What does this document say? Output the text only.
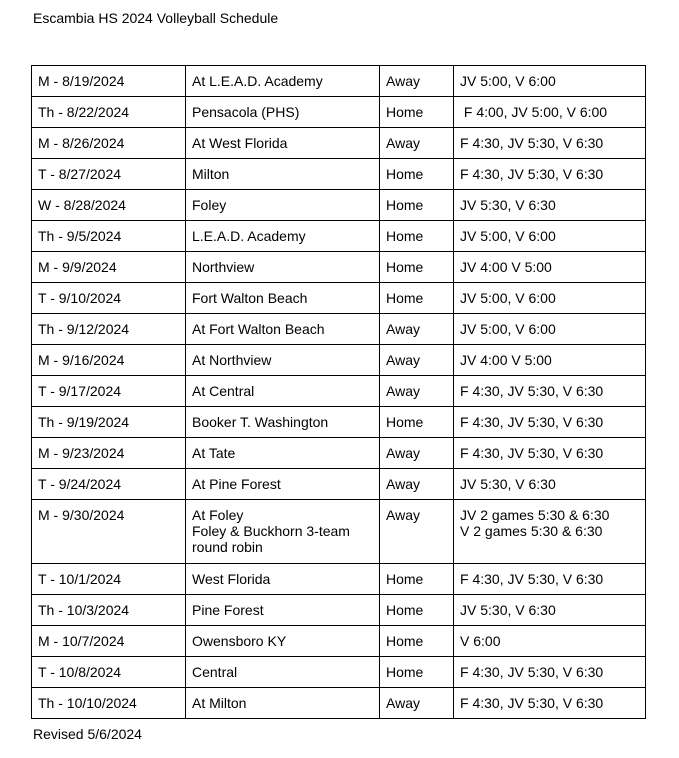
Escambia HS 2024 Volleyball Schedule
M - 8/19/2024	At L.E.A.D. Academy	Away	JV 5:00, V 6:00

Th - 8/22/2024	Pensacola (PHS)	Home	F 4:00, JV 5:00, V 6:00

M - 8/26/2024	At West Florida	Away	F 4:30, JV 5:30, V 6:30

T - 8/27/2024	Milton	Home	F 4:30, JV 5:30, V 6:30

W - 8/28/2024	Foley	Home	JV 5:30, V 6:30

Th - 9/5/2024	L.E.A.D. Academy	Home	JV 5:00, V 6:00

M - 9/9/2024	Northview	Home	JV 4:00 V 5:00

T - 9/10/2024	Fort Walton Beach	Home	JV 5:00, V 6:00

Th - 9/12/2024	At Fort Walton Beach	Away	JV 5:00, V 6:00

M - 9/16/2024	At Northview	Away	JV 4:00 V 5:00

T - 9/17/2024	At Central	Away	F 4:30, JV 5:30, V 6:30

Th - 9/19/2024	Booker T. Washington	Home	F 4:30, JV 5:30, V 6:30

M - 9/23/2024	At Tate	Away	F 4:30, JV 5:30, V 6:30

T - 9/24/2024	At Pine Forest	Away	JV 5:30, V 6:30

M - 9/30/2024	At Foley
Foley & Buckhorn 3-team
round robin	Away	JV 2 games 5:30 & 6:30
V 2 games 5:30 & 6:30

T - 10/1/2024	West Florida	Home	F 4:30, JV 5:30, V 6:30

Th - 10/3/2024	Pine Forest	Home	JV 5:30, V 6:30

M - 10/7/2024	Owensboro KY	Home	V 6:00

T - 10/8/2024	Central	Home	F 4:30, JV 5:30, V 6:30

Th - 10/10/2024	At Milton	Away	F 4:30, JV 5:30, V 6:30
Revised 5/6/2024
